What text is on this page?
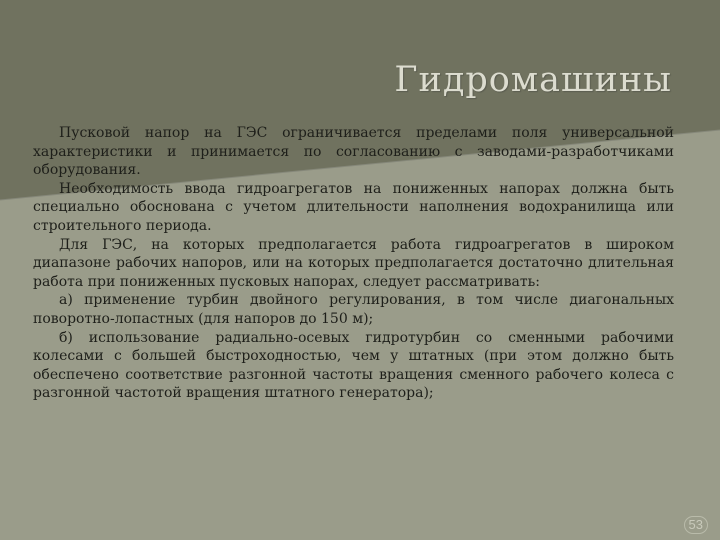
Гидромашины

Пусковой напор на ГЭС ограничивается пределами поля универсальной характеристики и принимается по согласованию с заводами-разработчиками оборудования.

Необходимость ввода гидроагрегатов на пониженных напорах должна быть специально обоснована с учетом длительности наполнения водохранилища или строительного периода.

Для ГЭС, на которых предполагается работа гидроагрегатов в широком диапазоне рабочих напоров, или на которых предполагается достаточно длительная работа при пониженных пусковых напорах, следует рассматривать:

а) применение турбин двойного регулирования, в том числе диагональных поворотно-лопастных (для напоров до 150 м);

б) использование радиально-осевых гидротурбин со сменными рабочими колесами с большей быстроходностью, чем у штатных (при этом должно быть обеспечено соответствие разгонной частоты вращения сменного рабочего колеса с разгонной частотой вращения штатного генератора);

53
